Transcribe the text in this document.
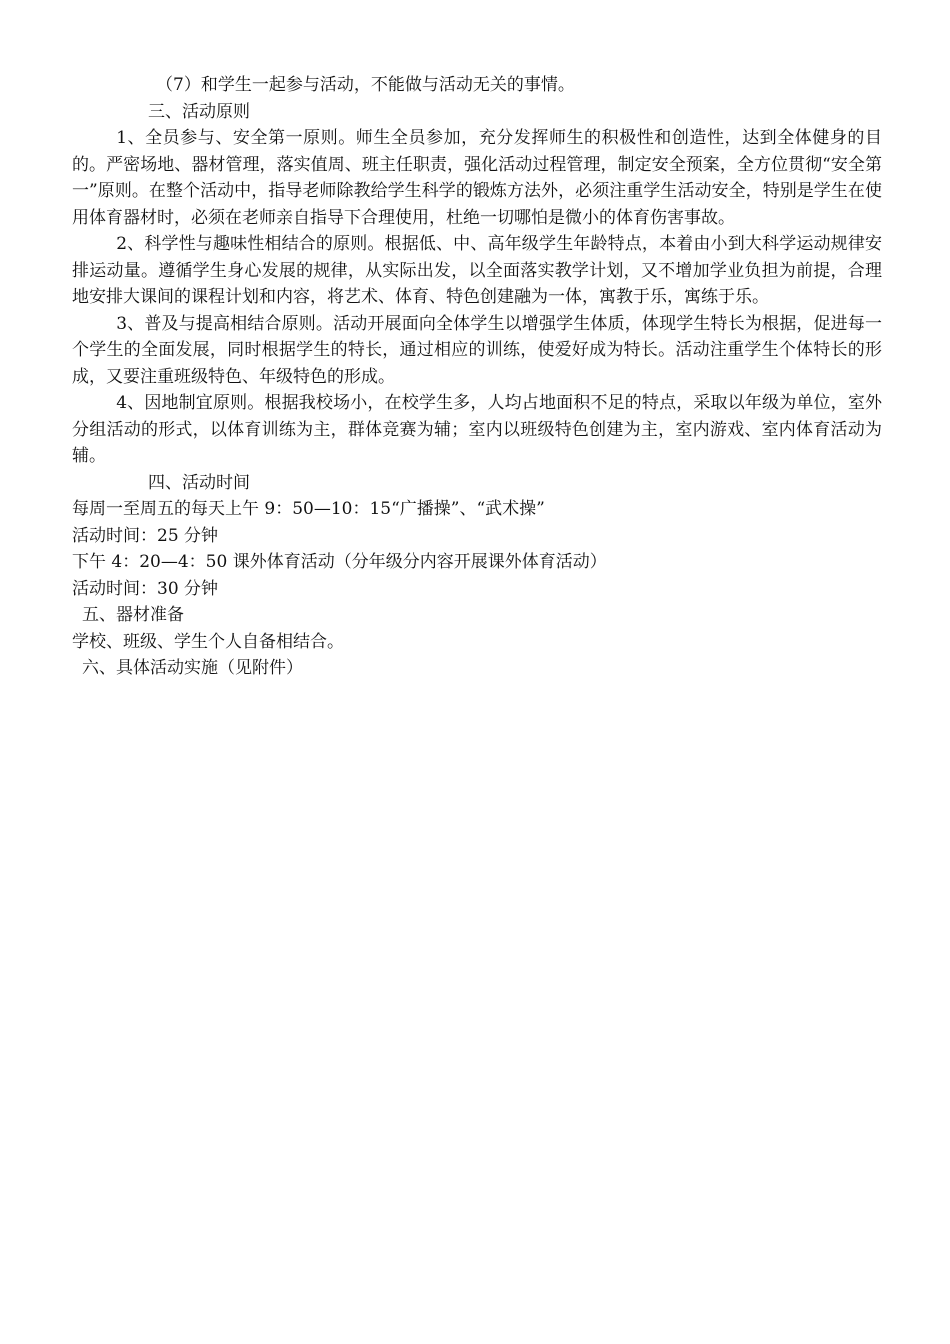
（7）和学生一起参与活动，不能做与活动无关的事情。

三、活动原则

1、全员参与、安全第一原则。师生全员参加，充分发挥师生的积极性和创造性，达到全体健身的目的。严密场地、器材管理，落实值周、班主任职责，强化活动过程管理，制定安全预案，全方位贯彻“安全第一”原则。在整个活动中，指导老师除教给学生科学的锻炼方法外，必须注重学生活动安全，特别是学生在使用体育器材时，必须在老师亲自指导下合理使用，杜绝一切哪怕是微小的体育伤害事故。

2、科学性与趣味性相结合的原则。根据低、中、高年级学生年龄特点，本着由小到大科学运动规律安排运动量。遵循学生身心发展的规律，从实际出发，以全面落实教学计划，又不增加学业负担为前提，合理地安排大课间的课程计划和内容，将艺术、体育、特色创建融为一体，寓教于乐，寓练于乐。

3、普及与提高相结合原则。活动开展面向全体学生以增强学生体质，体现学生特长为根据，促进每一个学生的全面发展，同时根据学生的特长，通过相应的训练，使爱好成为特长。活动注重学生个体特长的形成，又要注重班级特色、年级特色的形成。

4、因地制宜原则。根据我校场小，在校学生多，人均占地面积不足的特点，采取以年级为单位，室外分组活动的形式，以体育训练为主，群体竞赛为辅；室内以班级特色创建为主，室内游戏、室内体育活动为辅。

四、活动时间

每周一至周五的每天上午 9：50—10：15“广播操”、“武术操”

活动时间：25 分钟

下午 4：20—4：50 课外体育活动（分年级分内容开展课外体育活动）

活动时间：30 分钟

五、器材准备

学校、班级、学生个人自备相结合。

六、具体活动实施（见附件）
